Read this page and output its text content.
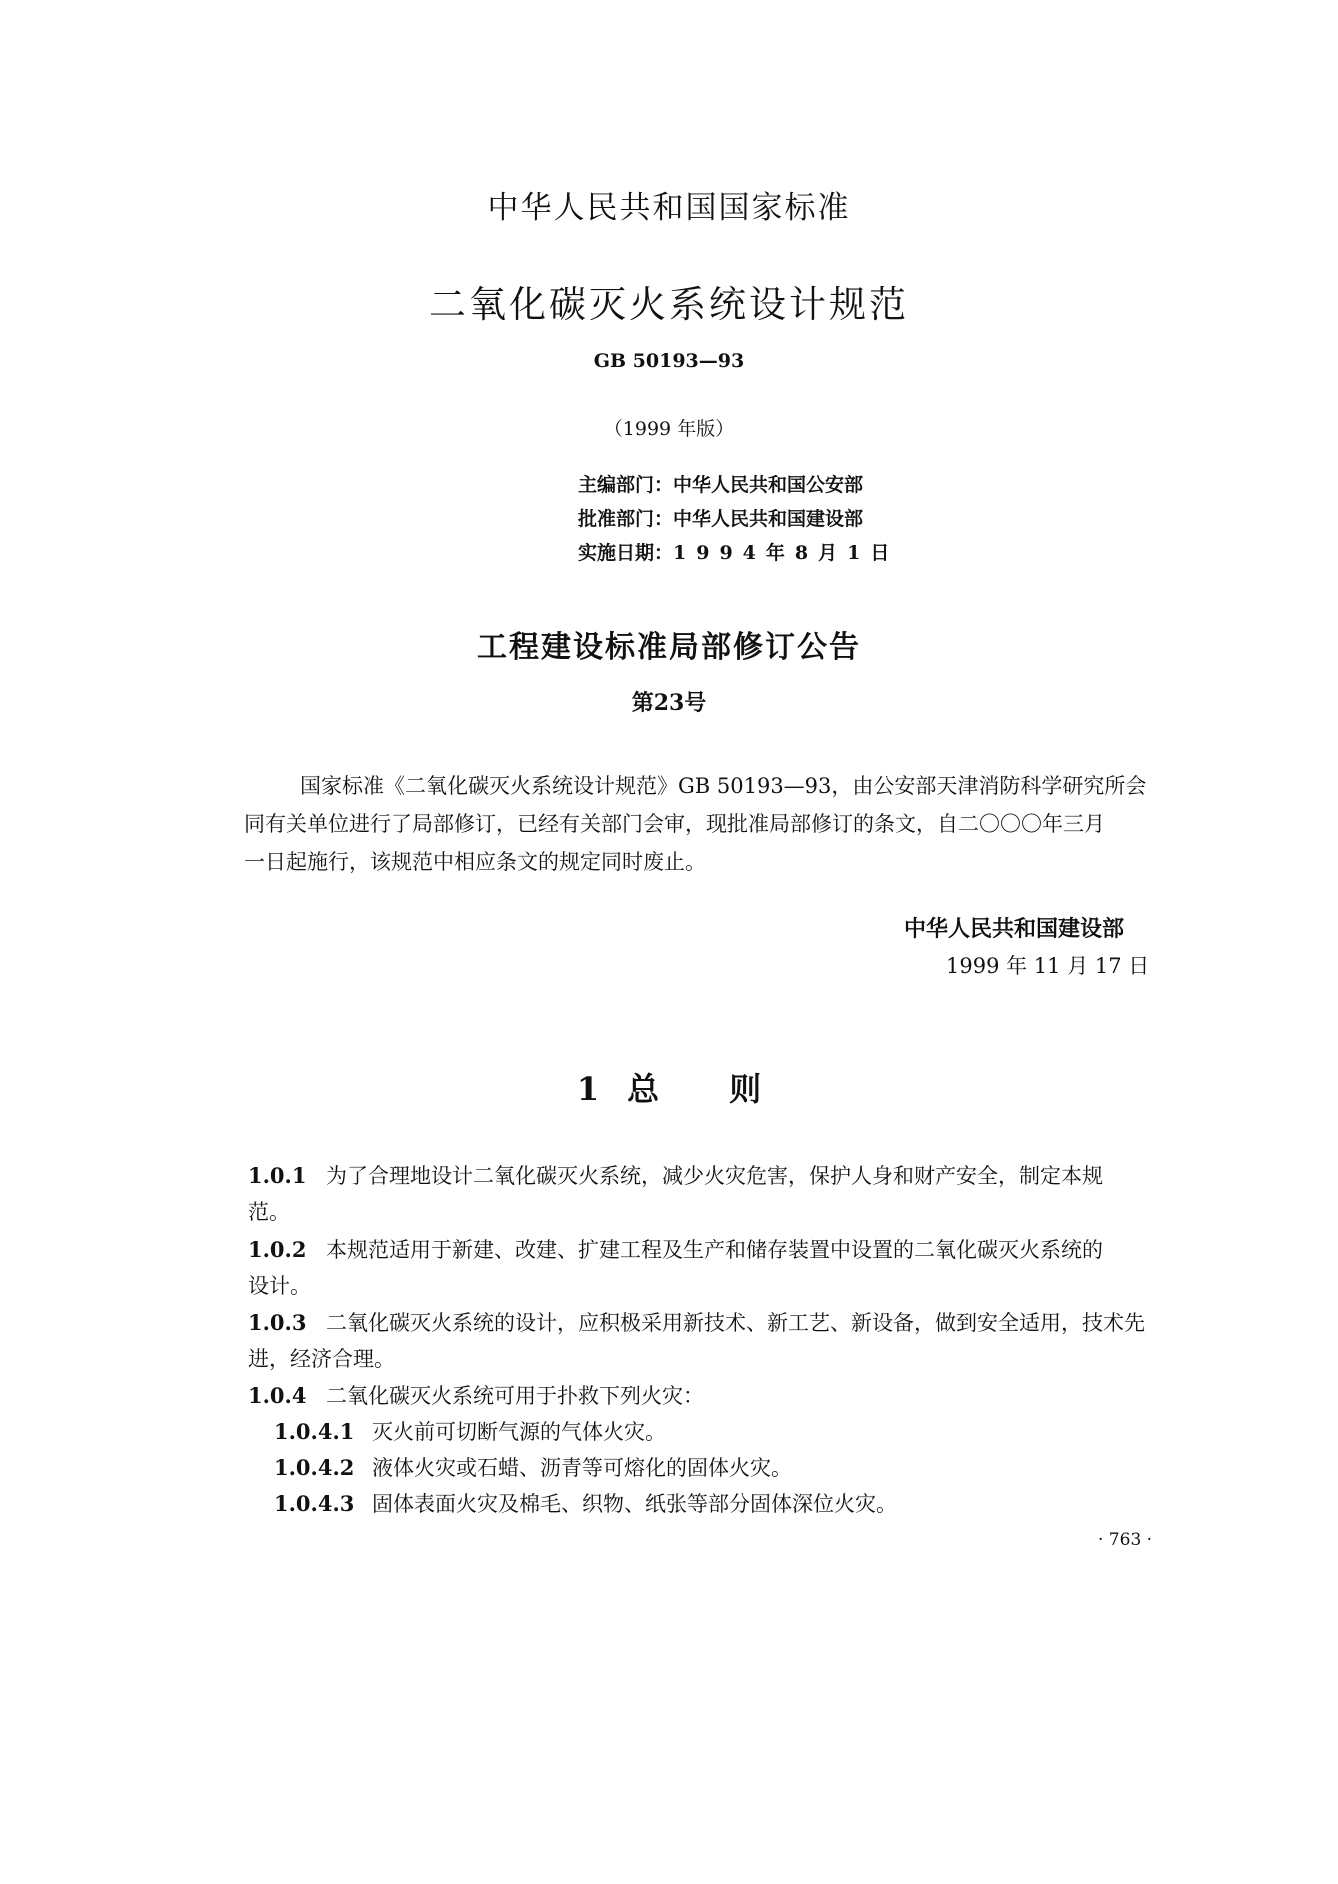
中华人民共和国国家标准
二氧化碳灭火系统设计规范
GB 50193—93
（1999 年版）
主编部门：中华人民共和国公安部
批准部门：中华人民共和国建设部
实施日期：1994年8月1日
工程建设标准局部修订公告
第23号
国家标准《二氧化碳灭火系统设计规范》GB 50193—93，由公安部天津消防科学研究所会
同有关单位进行了局部修订，已经有关部门会审，现批准局部修订的条文，自二〇〇〇年三月
一日起施行，该规范中相应条文的规定同时废止。
中华人民共和国建设部
1999 年 11 月 17 日
1 总 则
1.0.1 为了合理地设计二氧化碳灭火系统，减少火灾危害，保护人身和财产安全，制定本规
范。
1.0.2 本规范适用于新建、改建、扩建工程及生产和储存装置中设置的二氧化碳灭火系统的
设计。
1.0.3 二氧化碳灭火系统的设计，应积极采用新技术、新工艺、新设备，做到安全适用，技术先
进，经济合理。
1.0.4 二氧化碳灭火系统可用于扑救下列火灾：
1.0.4.1 灭火前可切断气源的气体火灾。
1.0.4.2 液体火灾或石蜡、沥青等可熔化的固体火灾。
1.0.4.3 固体表面火灾及棉毛、织物、纸张等部分固体深位火灾。
· 763 ·
